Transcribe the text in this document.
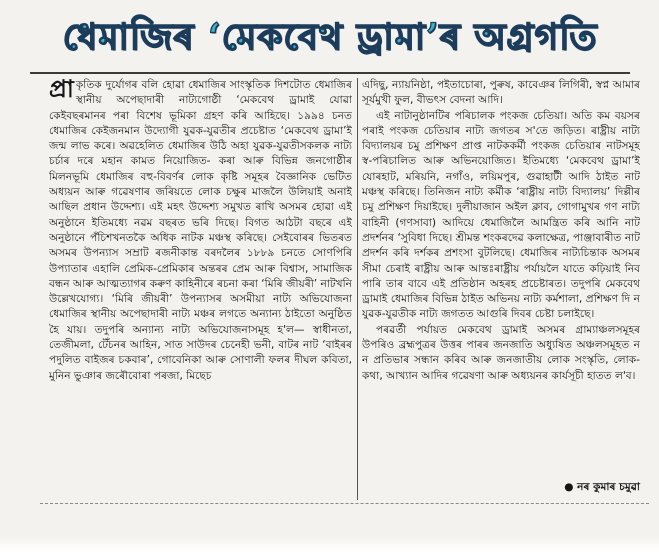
ধেমাজিৰ ‘মেকবেথ ড্ৰামা’ৰ অগ্ৰগতি

প্ৰা কৃতিক দুৰ্যোগৰ বলি হোৱা ধেমাজিৰ সাংস্কৃতিক দিশটোত ধেমাজিৰ স্থানীয় অপেছাদাৰী নাট্যগোষ্ঠী ‘মেকবেথ ড্ৰামাই যোৱা কেইবছৰমানৰ পৰা বিশেষ ভূমিকা গ্ৰহণ কৰি আহিছে। ১৯৯৪ চনত ধেমাজিৰ কেইজনমান উদ্যোগী যুৱক-যুৱতীৰ প্ৰচেষ্টাত ‘মেকবেথ ড্ৰামা’ই জন্ম লাভ কৰে। অৱহেলিত ধেমাজিৰ উঠি অহা যুৱক-যুৱতীসকলক নাট্য চৰ্চাৰ দৰে মহান কামত নিয়োজিত- কৰা আৰু বিভিন্ন জনগোষ্ঠীৰ মিলনভূমি ধেমাজিৰ বহু-বিবৰ্ণৰ লোক কৃষ্টি সমূহৰ বৈজ্ঞানিক ভেটিত অধ্যয়ন আৰু গৱেষণাৰ জৰিয়তে লোক চক্ষুৰ মাজলৈ উলিয়াই অনাই আছিল প্ৰধান উদ্দেশ্য। এই মহৎ উদ্দেশ্য সমুখত ৰাখি অসমৰ হোৱা এই অনুষ্ঠানে ইতিমধ্যে নৱম বছৰত ভৰি দিছে। বিগত আঠটা বছৰে এই অনুষ্ঠানে পঁচিশখনতকৈ অধিক নাটক মঞ্চস্থ কৰিছে। সেইবোৰৰ ভিতৰত অসমৰ উপন্যাস সম্ৰাট ৰজনীকান্ত বৰদলৈৰ ১৮৮৯ চনতে সোণপিৰি উপ্যাতাৰ এহালি প্ৰেমিক-প্ৰেমিকাৰ অন্তৰৰ প্ৰেম আৰু বিশ্বাস, সামাজিক বন্ধন আৰু আত্মত্যাগৰ কৰুণ কাহিনীৰে ৰচনা কৰা ‘মিৰি জীয়ৰী’ নাটখনি উল্লেখযোগ্য। ‘মিৰি জীয়ৰী’ উপন্যাসৰ অসমীয়া নাট্য অভিযোজনা ধেমাজিৰ স্থানীয় অপেছাদাৰী নাট্য মঞ্চৰ লগতে অন্যান্য ঠাইতো অনুষ্ঠিত হৈ যায়। তদুপৰি অন্যান্য নাট্য অভিযোজনাসমূহ হ'ল— স্বাধীনতা, তেজীমলা, টেঁচনৰ আহিন, সাত সাউদৰ চেনেহী ভনী, বাটৰ নাট ‘বাইৰৰ পদুলিত বাইজৰ চকবাৰ’, গোবেনিকা আৰু সোণালী ফলৰ দীঘল কবিতা, মুনিন ভুঞাৰ জৰৌবোৰা পৰজা, মিছেচ

এদিছু, ন্যায়নিষ্ঠা, পইতাচোৰা, পুৰুষ, কাবেঞৰ লিগিৰী, স্বপ্ন আমাৰ সূৰ্যমুখী ফুল, বীভৎস বেদনা আদি।

এই নাটানুষ্ঠানটিৰ পৰিচালক পংকজ চেতিয়া। অতি কম বয়সৰ পৰাই পংকজ চেতিয়াৰ নাট্য জগতৰ স'তে জড়িত। ৰাষ্ট্ৰীয় নাট্য বিদ্যালয়ৰ চমু প্ৰশিক্ষণ প্ৰাপ্ত নাটককৰ্মী পংকজ চেতিয়াৰ নাটসমূহ স্ব-পৰিচালিত আৰু অভিনয়োজিত। ইতিমধ্যে ‘মেকবেথ ড্ৰামা’ই যোৰহাট, মৰিয়নি, নগাঁও, লয়িমপুৰ, গুৱাহাটী আদি ঠাইত নাট মঞ্চস্থ কৰিছে। তিনিজন নাট্য কৰ্মীক ‘ৰাষ্ট্ৰীয় নাট্য বিদ্যালয়’ দিল্লীৰ চমু প্ৰশিক্ষণ দিয়াইছে। দুলীয়াজান অইল ক্লাব, গোগামুখৰ গণ নাট্য বাহিনী (গণসাবা) আদিয়ে ধেমাজিলৈ আমন্ত্ৰিত কৰি আনি নাট প্ৰদৰ্শনৰ ‘সুবিধা দিছে। শ্ৰীমন্ত শংকৰদেৱ কলাক্ষেত্ৰ, পাঞ্জাবাৰীত নাট প্ৰদৰ্শন কৰি দৰ্শকৰ প্ৰশংসা বুটলিছে। ধেমাজিৰ নাট্যচিন্তাক অসমৰ সীমা চেৰাই ৰাষ্ট্ৰীয় আৰু আন্তঃৰাষ্ট্ৰীয় পৰ্যায়লৈ যাতে কঢ়িয়াই নিব পাৰি তাৰ বাবে এই প্ৰতিষ্ঠান অহৰহ প্ৰচেষ্টাৰত। তদুপৰি মেকবেথ ড্ৰামাই ধেমাজিৰ বিভিন্ন ঠাইত অভিনয় নাট্য কৰ্মশালা, প্ৰশিক্ষণ দি ন যুৱক-যুৱতীক নাট্য জগতত আগুৰি দিবৰ চেষ্টা চলাইছে।

পৰৱৰ্তী পৰ্যায়ত মেকবেথ ড্ৰামাই অসমৰ গ্ৰাম্যাঞ্চলসমূহৰ উপৰিও ব্ৰহ্মপুত্ৰৰ উত্তৰ পাৰৰ জনজাতি অধ্যুষিত অঞ্চলসমূহত ন ন প্ৰতিভাৰ সন্ধান কৰিব আৰু জনজাতীয় লোক সংস্কৃতি, লোক-কথা, আখ্যান আদিৰ গৱেষণা আৰু অধ্যয়নৰ কাৰ্যসূচী হাতত ল'ব।

● নৰ কুমাৰ চমুৱা
